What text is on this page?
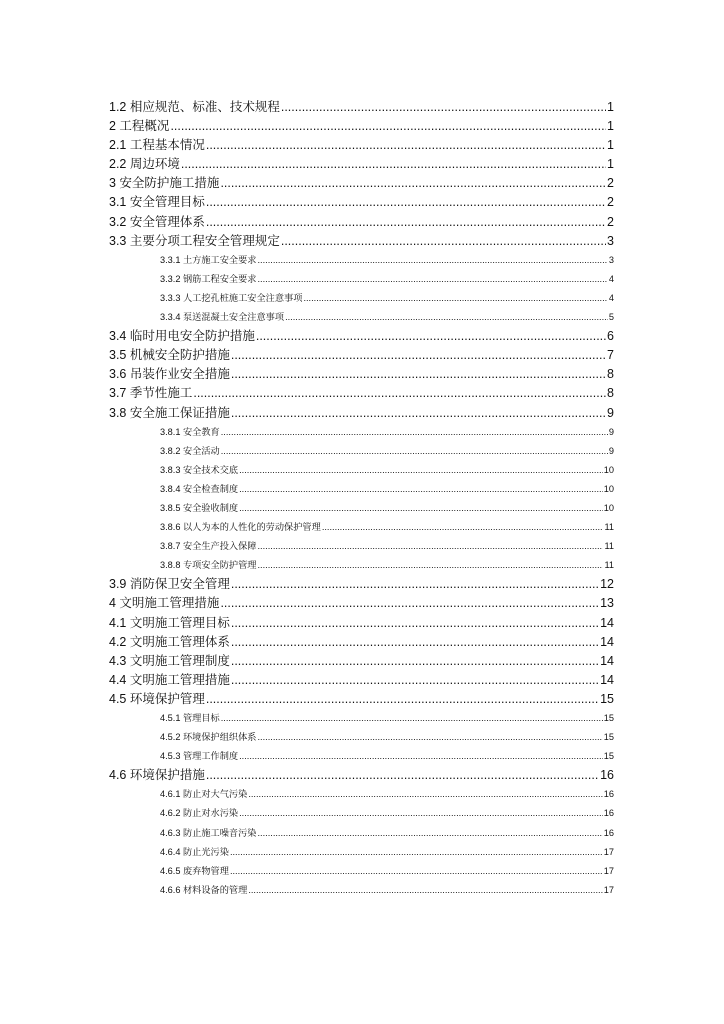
1.2 相应规范、标准、技术规程 .....	1
2 工程概况 .....	1
2.1 工程基本情况 .....	1
2.2 周边环境 .....	1
3 安全防护施工措施 .....	2
3.1 安全管理目标 .....	2
3.2 安全管理体系 .....	2
3.3 主要分项工程安全管理规定 .....	3
3.3.1 土方施工安全要求 .....	3
3.3.2 钢筋工程安全要求 .....	4
3.3.3 人工挖孔桩施工安全注意事项 .....	4
3.3.4 泵送混凝土安全注意事项 .....	5
3.4 临时用电安全防护措施 .....	6
3.5 机械安全防护措施 .....	7
3.6 吊装作业安全措施 .....	8
3.7 季节性施工 .....	8
3.8 安全施工保证措施 .....	9
3.8.1 安全教育 .....	9
3.8.2 安全活动 .....	9
3.8.3 安全技术交底 .....	10
3.8.4 安全检查制度 .....	10
3.8.5 安全验收制度 .....	10
3.8.6 以人为本的人性化的劳动保护管理 .....	11
3.8.7 安全生产投入保障 .....	11
3.8.8 专项安全防护管理 .....	11
3.9 消防保卫安全管理 .....	12
4 文明施工管理措施 .....	13
4.1 文明施工管理目标 .....	14
4.2 文明施工管理体系 .....	14
4.3 文明施工管理制度 .....	14
4.4 文明施工管理措施 .....	14
4.5 环境保护管理 .....	15
4.5.1 管理目标 .....	15
4.5.2 环境保护组织体系 .....	15
4.5.3 管理工作制度 .....	15
4.6 环境保护措施 .....	16
4.6.1 防止对大气污染 .....	16
4.6.2 防止对水污染 .....	16
4.6.3 防止施工噪音污染 .....	16
4.6.4 防止光污染 .....	17
4.6.5 废弃物管理 .....	17
4.6.6 材料设备的管理 .....	17
